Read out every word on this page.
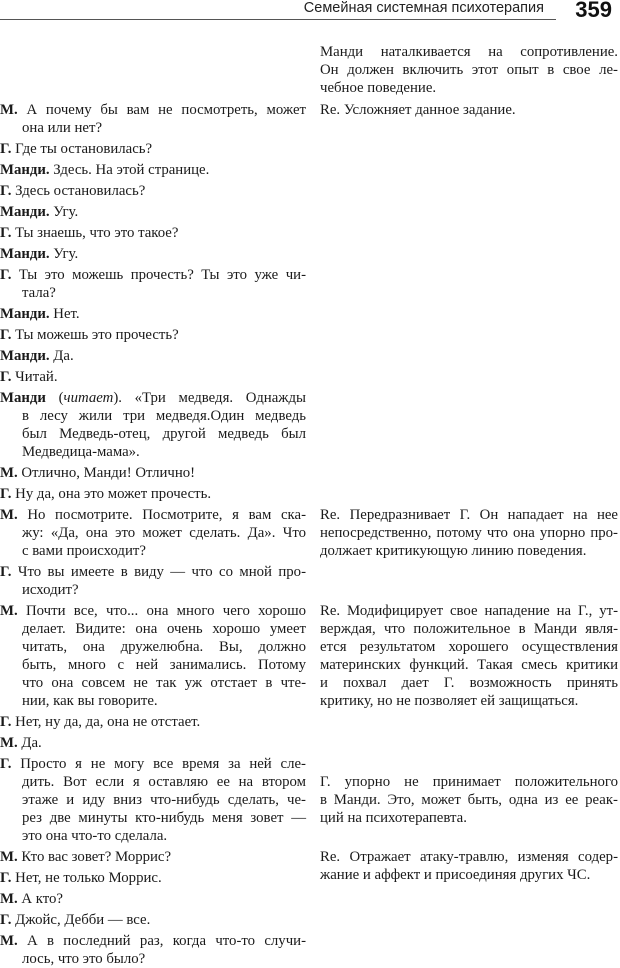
Семейная системная психотерапия 359
М. А почему бы вам не посмотреть, может
она или нет?
Г. Где ты остановилась?
Манди. Здесь. На этой странице.
Г. Здесь остановилась?
Манди. Угу.
Г. Ты знаешь, что это такое?
Манди. Угу.
Г. Ты это можешь прочесть? Ты это уже чи-
тала?
Манди. Нет.
Г. Ты можешь это прочесть?
Манди. Да.
Г. Читай.
Манди (читает). «Три медведя. Однажды
в лесу жили три медведя.Один медведь
был Медведь-отец, другой медведь был
Медведица-мама».
М. Отлично, Манди! Отлично!
Г. Ну да, она это может прочесть.
М. Но посмотрите. Посмотрите, я вам ска-
жу: «Да, она это может сделать. Да». Что
с вами происходит?
Г. Что вы имеете в виду — что со мной про-
исходит?
М. Почти все, что... она много чего хорошо
делает. Видите: она очень хорошо умеет
читать, она дружелюбна. Вы, должно
быть, много с ней занимались. Потому
что она совсем не так уж отстает в чте-
нии, как вы говорите.
Г. Нет, ну да, да, она не отстает.
М. Да.
Г. Просто я не могу все время за ней сле-
дить. Вот если я оставляю ее на втором
этаже и иду вниз что-нибудь сделать, че-
рез две минуты кто-нибудь меня зовет —
это она что-то сделала.
М. Кто вас зовет? Моррис?
Г. Нет, не только Моррис.
М. А кто?
Г. Джойс, Дебби — все.
М. А в последний раз, когда что-то случи-
лось, что это было?
Манди наталкивается на сопротивление.
Он должен включить этот опыт в свое ле-
чебное поведение.
Re. Усложняет данное задание.
Re. Передразнивает Г. Он нападает на нее
непосредственно, потому что она упорно про-
должает критикующую линию поведения.
Re. Модифицирует свое нападение на Г., ут-
верждая, что положительное в Манди явля-
ется результатом хорошего осуществления
материнских функций. Такая смесь критики
и похвал дает Г. возможность принять
критику, но не позволяет ей защищаться.
Г. упорно не принимает положительного
в Манди. Это, может быть, одна из ее реак-
ций на психотерапевта.
Re. Отражает атаку-травлю, изменяя содер-
жание и аффект и присоединяя других ЧС.
